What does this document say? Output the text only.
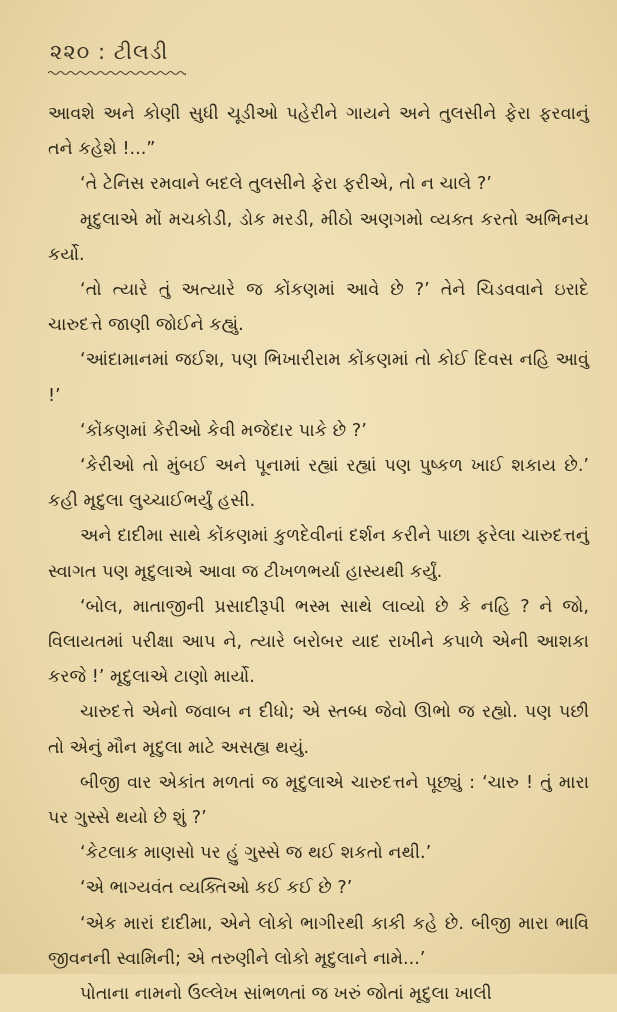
૨૨૦ : ટીલડી

આવશે અને કોણી સુધી ચૂડીઓ પહેરીને ગાયને અને તુલસીને ફેરા ફરવાનું તને કહેશે !...”

‘તે ટેનિસ રમવાને બદલે તુલસીને ફેરા ફરીએ, તો ન ચાલે ?’

મૃદુલાએ મોં મચકોડી, ડોક મરડી, મીઠો અણગમો વ્યક્ત કરતો અભિનય કર્યો.

‘તો ત્યારે તું અત્યારે જ કોંકણમાં આવે છે ?’ તેને ચિડવવાને ઇરાદે ચારુદત્તે જાણી જોઈને કહ્યું.

‘આંદામાનમાં જઈશ, પણ ભિખારીરામ કોંકણમાં તો કોઈ દિવસ નહિ આવું !’

‘કોંકણમાં કેરીઓ કેવી મજેદાર પાકે છે ?’

‘કેરીઓ તો મુંબઈ અને પૂનામાં રહ્યાં રહ્યાં પણ પુષ્કળ ખાઈ શકાય છે.’ કહી મૃદુલા લુચ્ચાઈભર્યું હસી.

અને દાદીમા સાથે કોંકણમાં કુળદેવીનાં દર્શન કરીને પાછા ફરેલા ચારુદત્તનું સ્વાગત પણ મૃદુલાએ આવા જ ટીખળભર્યા હાસ્યથી કર્યું.

‘બોલ, માતાજીની પ્રસાદીરૂપી ભસ્મ સાથે લાવ્યો છે કે નહિ ? ને જો, વિલાયતમાં પરીક્ષા આપ ને, ત્યારે બરોબર યાદ રાખીને કપાળે એની આશકા કરજે !’ મૃદુલાએ ટાણો માર્યો.

ચારુદત્તે એનો જવાબ ન દીધો; એ સ્તબ્ધ જેવો ઊભો જ રહ્યો. પણ પછી તો એનું મૌન મૃદુલા માટે અસહ્ય થયું.

બીજી વાર એકાંત મળતાં જ મૃદુલાએ ચારુદત્તને પૂછ્યું : ‘ચારુ ! તું મારા પર ગુસ્સે થયો છે શું ?’

‘કેટલાક માણસો પર હું ગુસ્સે જ થઈ શકતો નથી.’

‘એ ભાગ્યવંત વ્યક્તિઓ કઈ કઈ છે ?’

‘એક મારાં દાદીમા, એને લોકો ભાગીરથી કાકી કહે છે. બીજી મારા ભાવિ જીવનની સ્વામિની; એ તરુણીને લોકો મૃદુલાને નામે...’

પોતાના નામનો ઉલ્લેખ સાંભળતાં જ ખરું જોતાં મૃદુલા ખાલી
